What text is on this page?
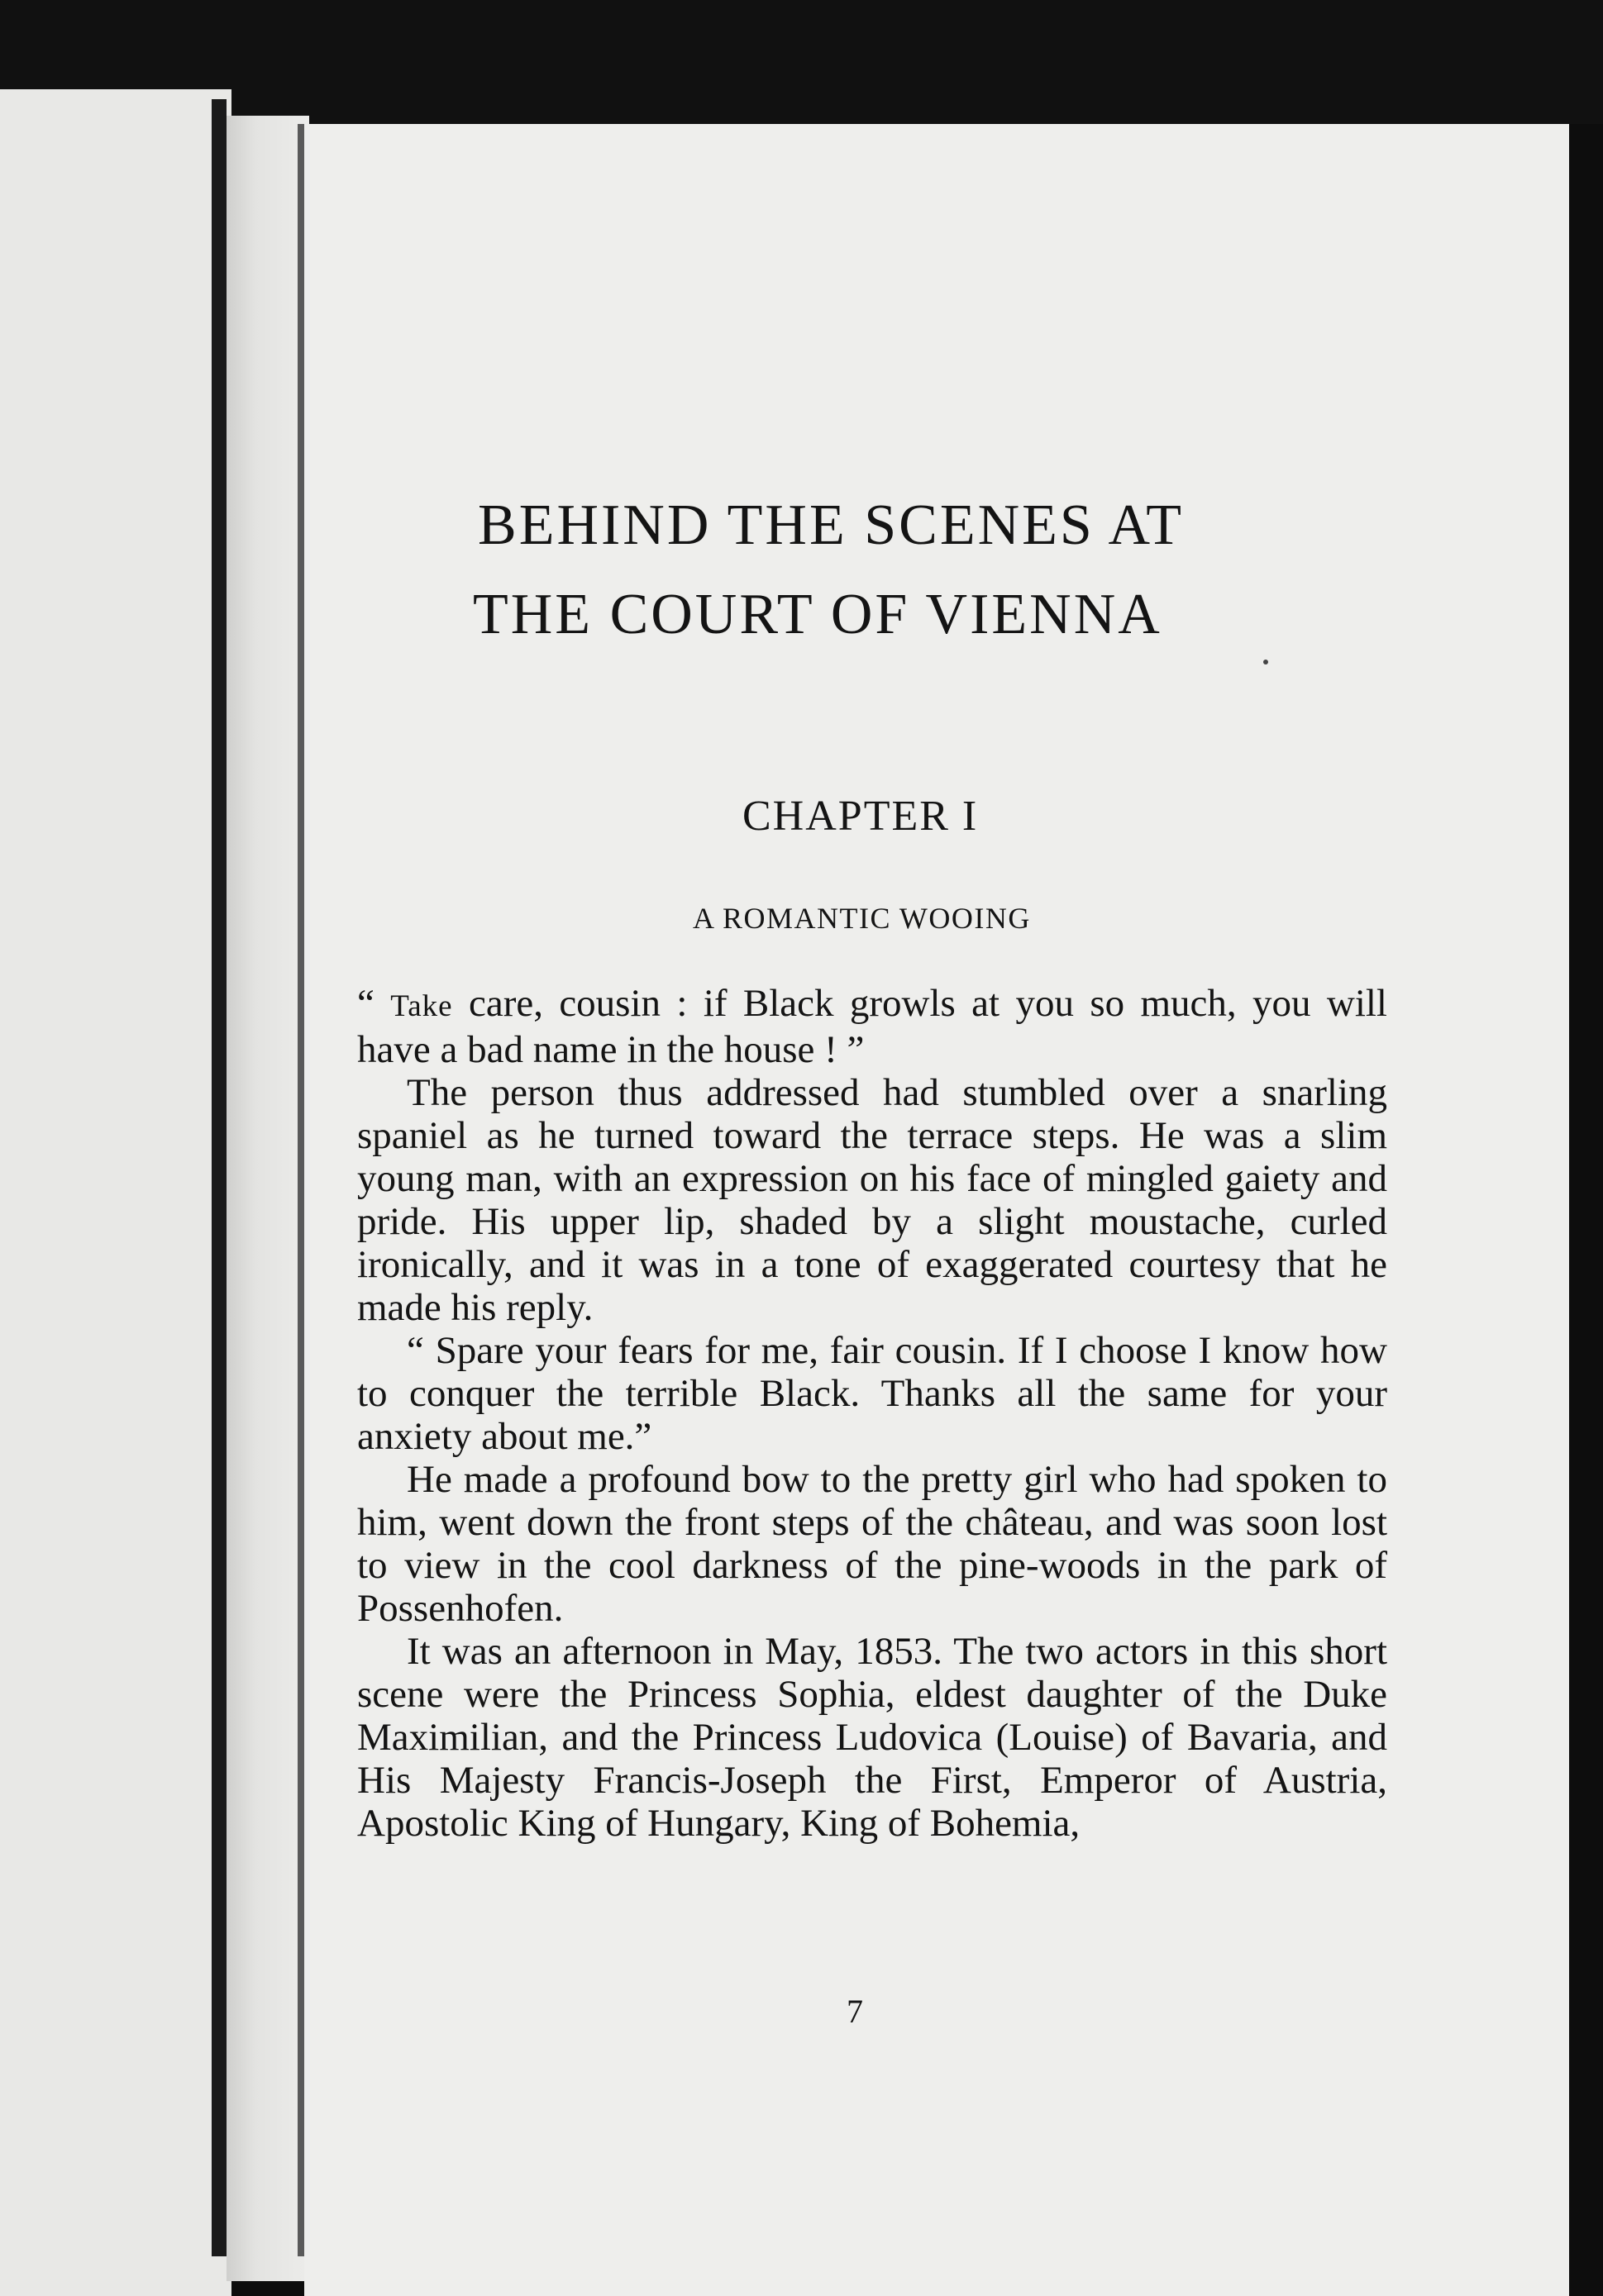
BEHIND THE SCENES AT
THE COURT OF VIENNA
CHAPTER I
A ROMANTIC WOOING

“ Take care, cousin : if Black growls at you so much, you will have a bad name in the house ! ”

The person thus addressed had stumbled over a snarling spaniel as he turned toward the terrace steps. He was a slim young man, with an expression on his face of mingled gaiety and pride. His upper lip, shaded by a slight moustache, curled ironically, and it was in a tone of exaggerated courtesy that he made his reply.

“ Spare your fears for me, fair cousin. If I choose I know how to conquer the terrible Black. Thanks all the same for your anxiety about me.”

He made a profound bow to the pretty girl who had spoken to him, went down the front steps of the château, and was soon lost to view in the cool darkness of the pine-woods in the park of Possenhofen.

It was an afternoon in May, 1853. The two actors in this short scene were the Princess Sophia, eldest daughter of the Duke Maximilian, and the Princess Ludovica (Louise) of Bavaria, and His Majesty Francis-Joseph the First, Emperor of Austria, Apostolic King of Hungary, King of Bohemia,

7
